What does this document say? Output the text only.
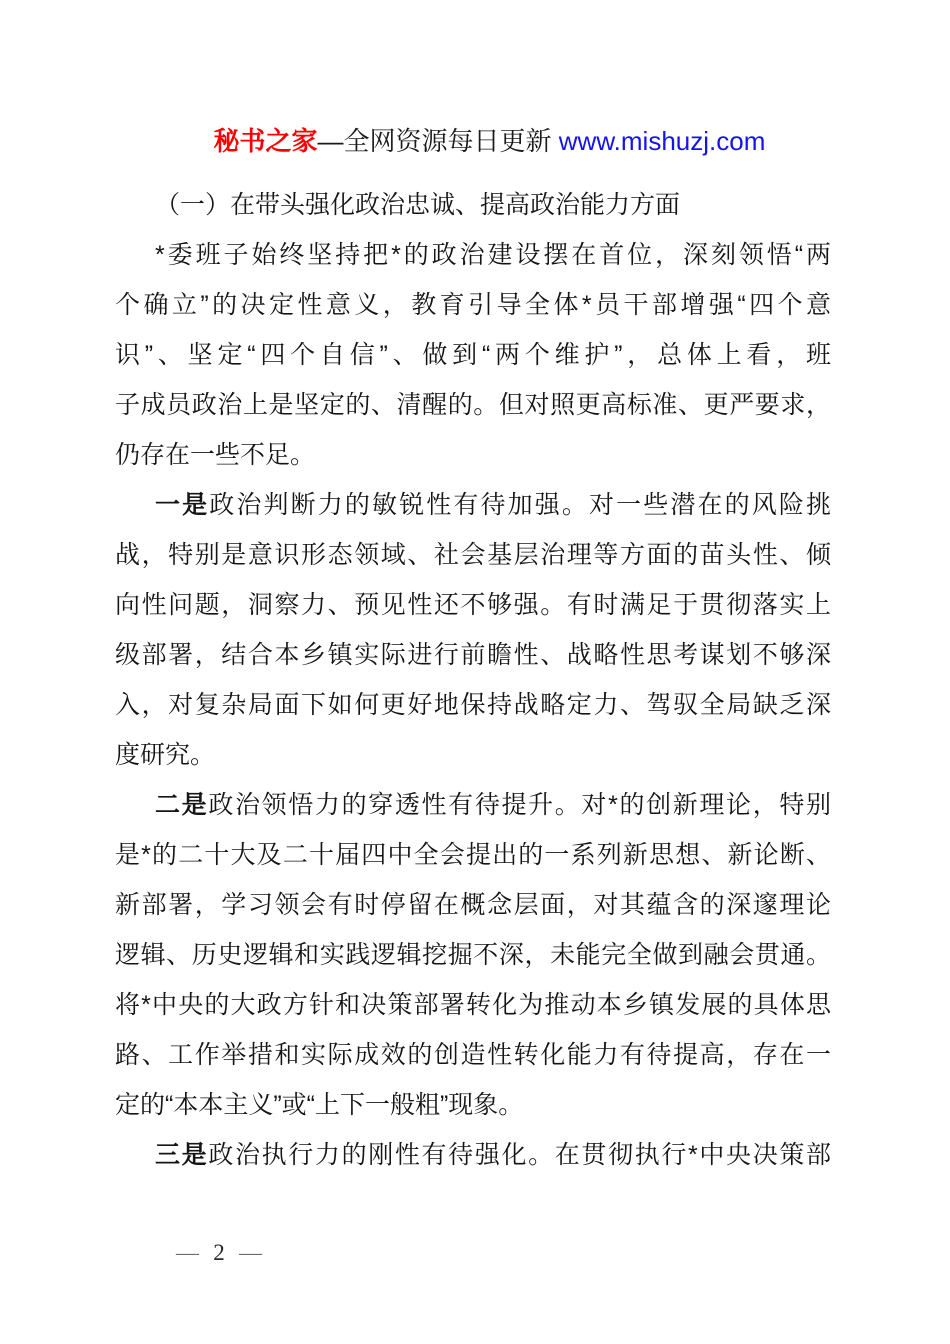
秘书之家—全网资源每日更新 www.mishuzj.com

（一）在带头强化政治忠诚、提高政治能力方面
*委班子始终坚持把*的政治建设摆在首位，深刻领悟“两
个确立”的决定性意义，教育引导全体*员干部增强“四个意
识”、坚定“四个自信”、做到“两个维护”，总体上看，班
子成员政治上是坚定的、清醒的。但对照更高标准、更严要求，
仍存在一些不足。
一是政治判断力的敏锐性有待加强。对一些潜在的风险挑
战，特别是意识形态领域、社会基层治理等方面的苗头性、倾
向性问题，洞察力、预见性还不够强。有时满足于贯彻落实上
级部署，结合本乡镇实际进行前瞻性、战略性思考谋划不够深
入，对复杂局面下如何更好地保持战略定力、驾驭全局缺乏深
度研究。
二是政治领悟力的穿透性有待提升。对*的创新理论，特别
是*的二十大及二十届四中全会提出的一系列新思想、新论断、
新部署，学习领会有时停留在概念层面，对其蕴含的深邃理论
逻辑、历史逻辑和实践逻辑挖掘不深，未能完全做到融会贯通。
将*中央的大政方针和决策部署转化为推动本乡镇发展的具体思
路、工作举措和实际成效的创造性转化能力有待提高，存在一
定的“本本主义”或“上下一般粗”现象。
三是政治执行力的刚性有待强化。在贯彻执行*中央决策部
— 2 —
